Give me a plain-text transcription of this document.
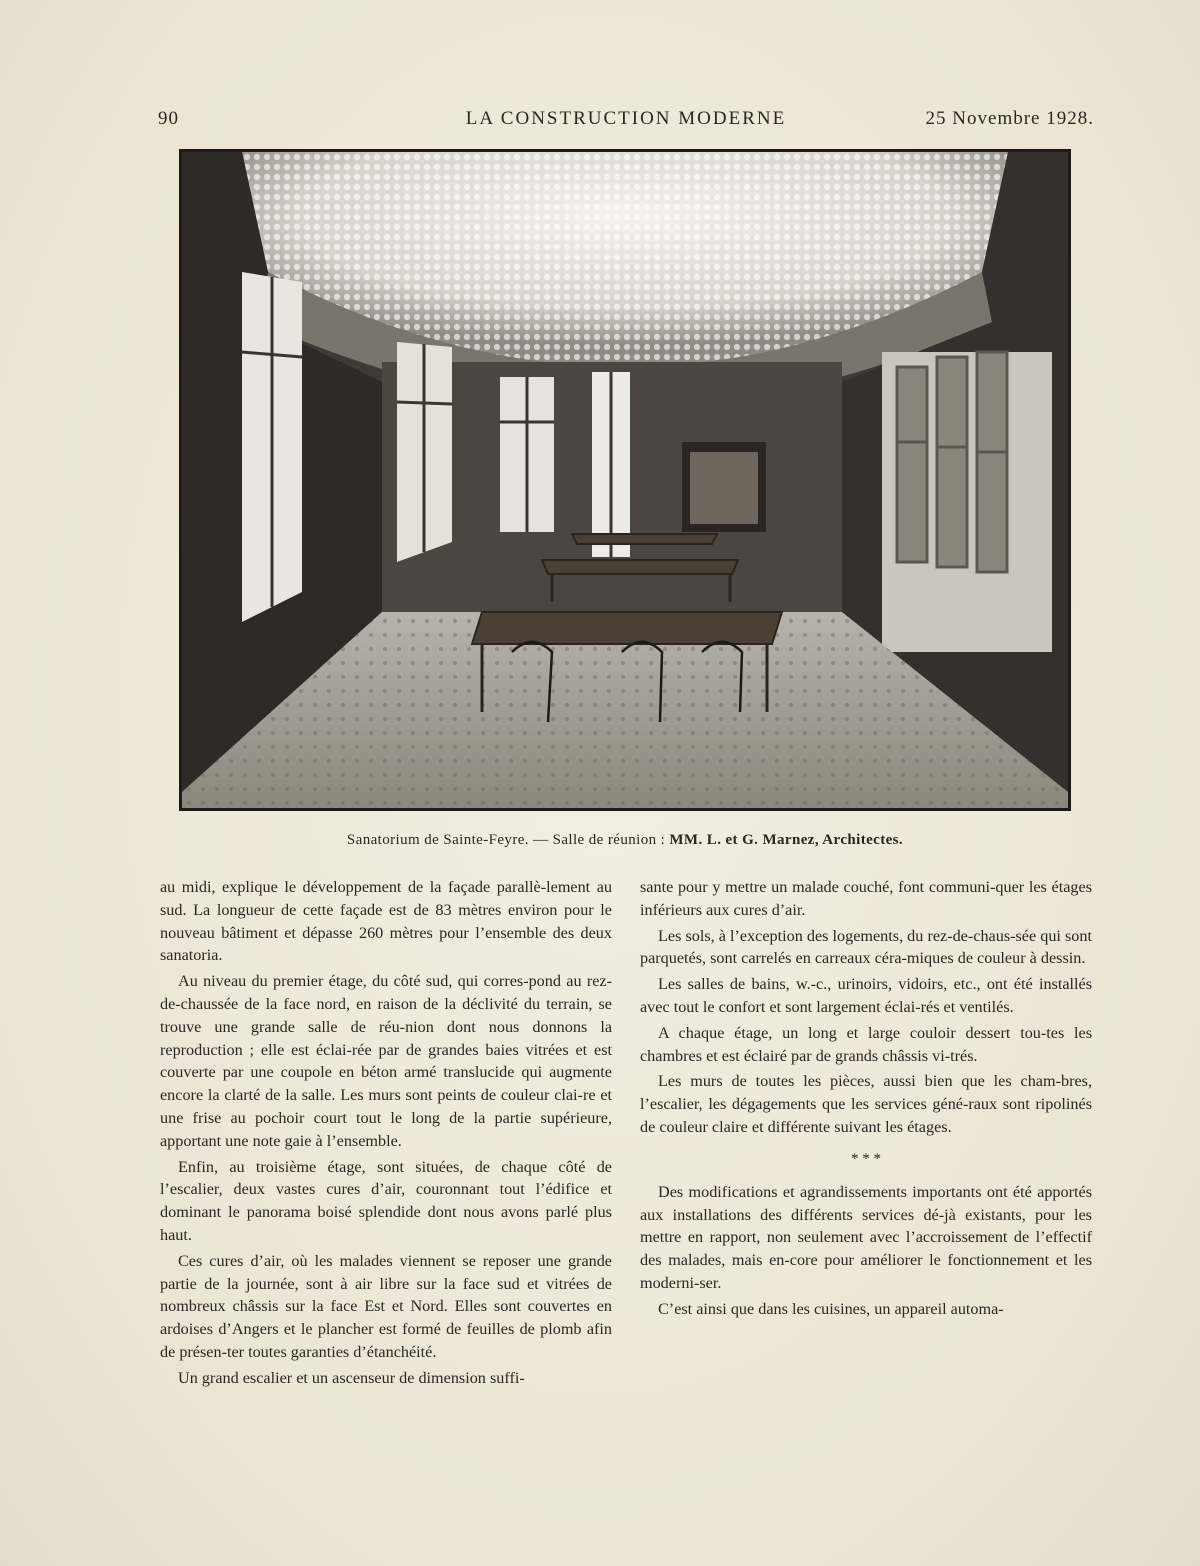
90	LA CONSTRUCTION MODERNE	25 Novembre 1928.
Sanatorium de Sainte-Feyre. — Salle de réunion : MM. L. et G. Marnez, Architectes.

au midi, explique le développement de la façade parallè-lement au sud. La longueur de cette façade est de 83 mètres environ pour le nouveau bâtiment et dépasse 260 mètres pour l’ensemble des deux sanatoria.

Au niveau du premier étage, du côté sud, qui corres-pond au rez-de-chaussée de la face nord, en raison de la déclivité du terrain, se trouve une grande salle de réu-nion dont nous donnons la reproduction ; elle est éclai-rée par de grandes baies vitrées et est couverte par une coupole en béton armé translucide qui augmente encore la clarté de la salle. Les murs sont peints de couleur clai-re et une frise au pochoir court tout le long de la partie supérieure, apportant une note gaie à l’ensemble.

Enfin, au troisième étage, sont situées, de chaque côté de l’escalier, deux vastes cures d’air, couronnant tout l’édifice et dominant le panorama boisé splendide dont nous avons parlé plus haut.

Ces cures d’air, où les malades viennent se reposer une grande partie de la journée, sont à air libre sur la face sud et vitrées de nombreux châssis sur la face Est et Nord. Elles sont couvertes en ardoises d’Angers et le plancher est formé de feuilles de plomb afin de présen-ter toutes garanties d’étanchéité.

Un grand escalier et un ascenseur de dimension suffi-

sante pour y mettre un malade couché, font communi-quer les étages inférieurs aux cures d’air.

Les sols, à l’exception des logements, du rez-de-chaus-sée qui sont parquetés, sont carrelés en carreaux céra-miques de couleur à dessin.

Les salles de bains, w.-c., urinoirs, vidoirs, etc., ont été installés avec tout le confort et sont largement éclai-rés et ventilés.

A chaque étage, un long et large couloir dessert tou-tes les chambres et est éclairé par de grands châssis vi-trés.

Les murs de toutes les pièces, aussi bien que les cham-bres, l’escalier, les dégagements que les services géné-raux sont ripolinés de couleur claire et différente suivant les étages.

* * *

Des modifications et agrandissements importants ont été apportés aux installations des différents services dé-jà existants, pour les mettre en rapport, non seulement avec l’accroissement de l’effectif des malades, mais en-core pour améliorer le fonctionnement et les moderni-ser.

C’est ainsi que dans les cuisines, un appareil automa-
